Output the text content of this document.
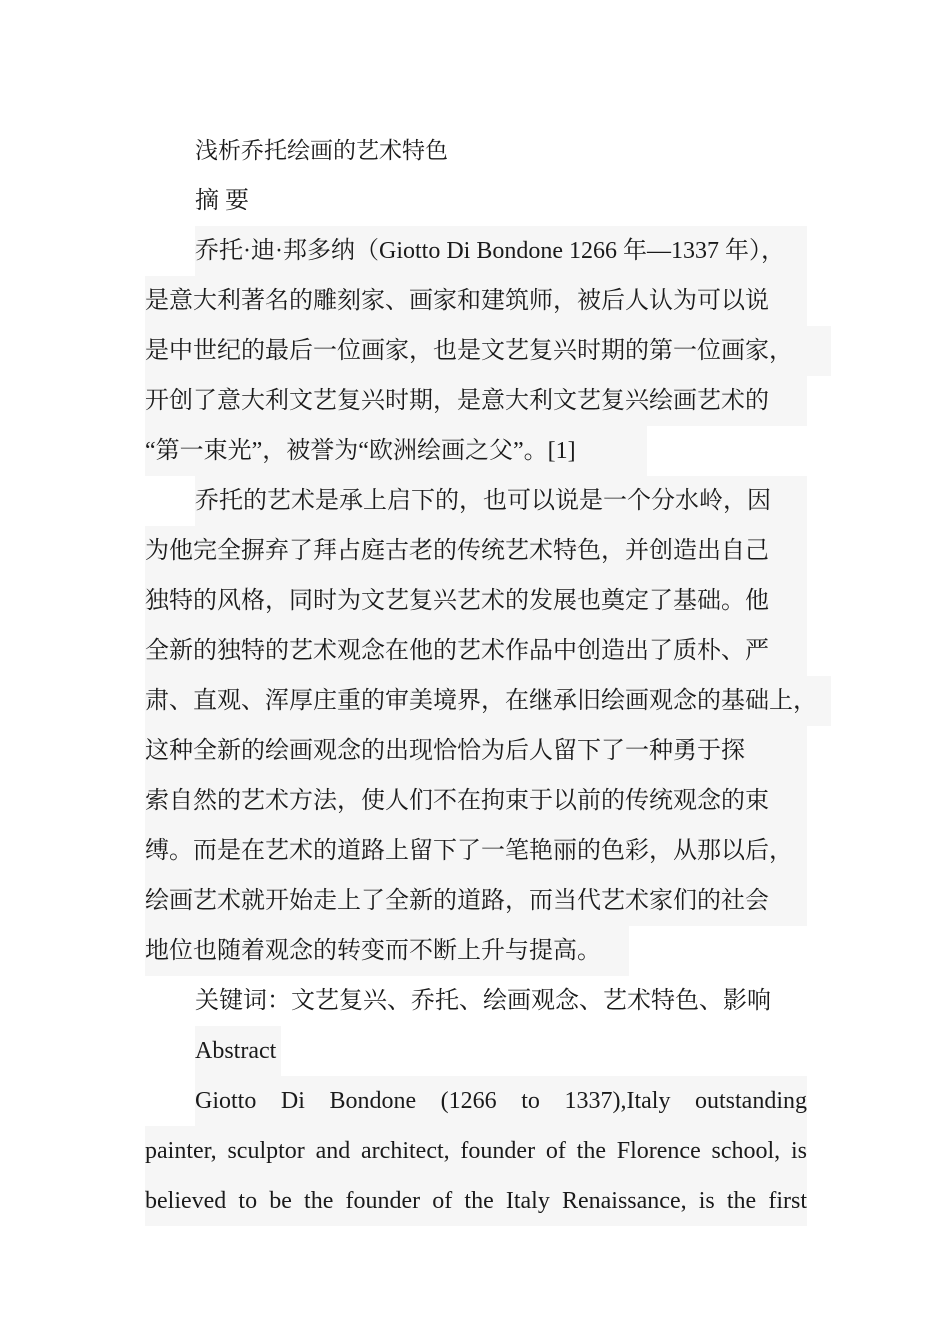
浅析乔托绘画的艺术特色
摘 要
乔托·迪·邦多纳（Giotto Di Bondone 1266 年—1337 年），
是意大利著名的雕刻家、画家和建筑师，被后人认为可以说
是中世纪的最后一位画家，也是文艺复兴时期的第一位画家，
开创了意大利文艺复兴时期，是意大利文艺复兴绘画艺术的
“第一束光”，被誉为“欧洲绘画之父”。[1]
乔托的艺术是承上启下的，也可以说是一个分水岭，因
为他完全摒弃了拜占庭古老的传统艺术特色，并创造出自己
独特的风格，同时为文艺复兴艺术的发展也奠定了基础。他
全新的独特的艺术观念在他的艺术作品中创造出了质朴、严
肃、直观、浑厚庄重的审美境界，在继承旧绘画观念的基础上，
这种全新的绘画观念的出现恰恰为后人留下了一种勇于探
索自然的艺术方法，使人们不在拘束于以前的传统观念的束
缚。而是在艺术的道路上留下了一笔艳丽的色彩，从那以后，
绘画艺术就开始走上了全新的道路，而当代艺术家们的社会
地位也随着观念的转变而不断上升与提高。
关键词：文艺复兴、乔托、绘画观念、艺术特色、影响
Abstract
Giotto Di Bondone (1266 to 1337),Italy outstanding
painter, sculptor and architect, founder of the Florence school, is
believed to be the founder of the Italy Renaissance, is the first
